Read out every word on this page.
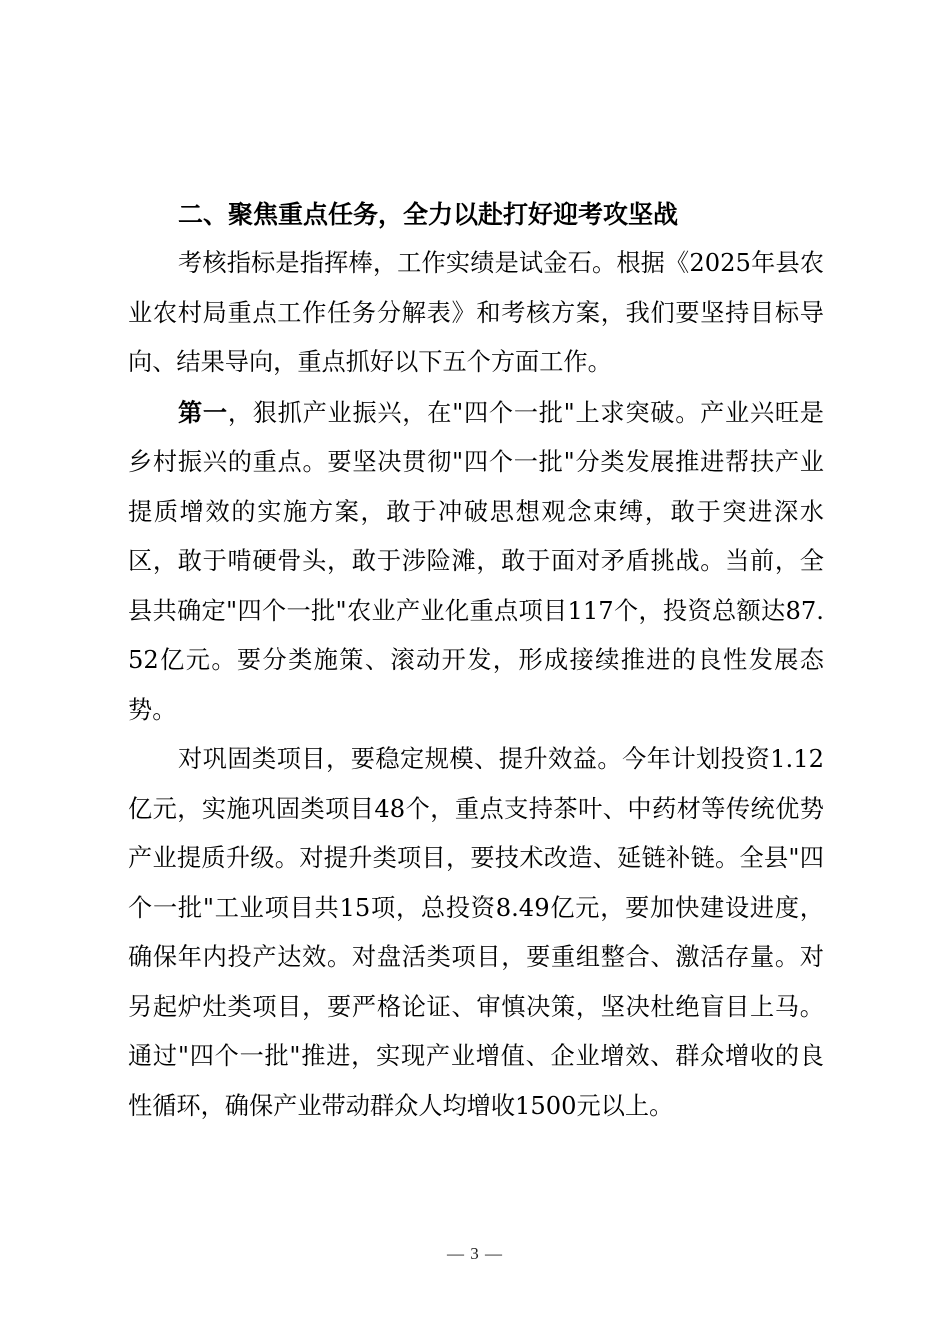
二、聚焦重点任务，全力以赴打好迎考攻坚战

考核指标是指挥棒，工作实绩是试金石。根据《2025年县农业农村局重点工作任务分解表》和考核方案，我们要坚持目标导向、结果导向，重点抓好以下五个方面工作。

第一，狠抓产业振兴，在"四个一批"上求突破。产业兴旺是乡村振兴的重点。要坚决贯彻"四个一批"分类发展推进帮扶产业提质增效的实施方案，敢于冲破思想观念束缚，敢于突进深水区，敢于啃硬骨头，敢于涉险滩，敢于面对矛盾挑战。当前，全县共确定"四个一批"农业产业化重点项目117个，投资总额达87.52亿元。要分类施策、滚动开发，形成接续推进的良性发展态势。

对巩固类项目，要稳定规模、提升效益。今年计划投资1.12亿元，实施巩固类项目48个，重点支持茶叶、中药材等传统优势产业提质升级。对提升类项目，要技术改造、延链补链。全县"四个一批"工业项目共15项，总投资8.49亿元，要加快建设进度，确保年内投产达效。对盘活类项目，要重组整合、激活存量。对另起炉灶类项目，要严格论证、审慎决策，坚决杜绝盲目上马。通过"四个一批"推进，实现产业增值、企业增效、群众增收的良性循环，确保产业带动群众人均增收1500元以上。

— 3 —
